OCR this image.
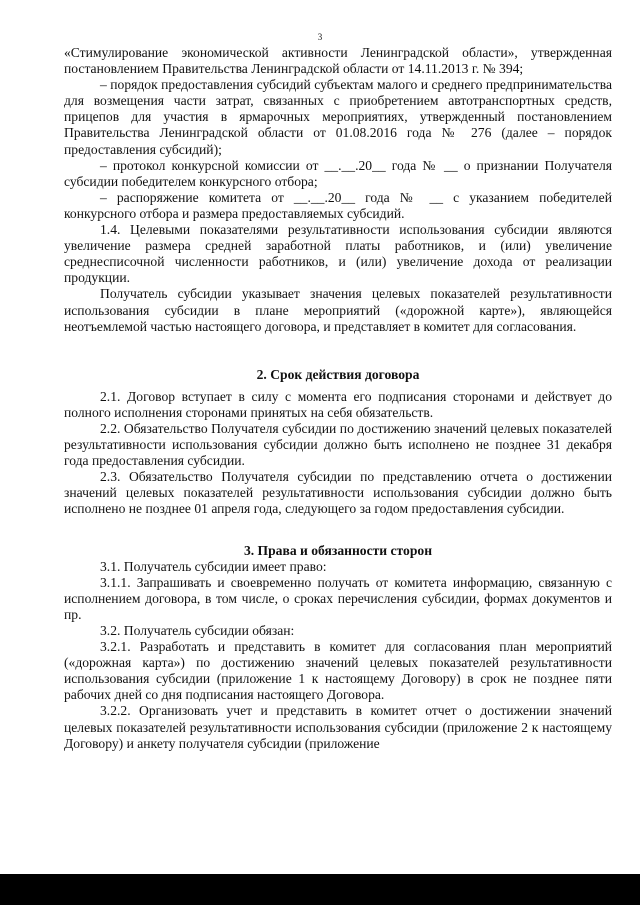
3

«Стимулирование экономической активности Ленинградской области», утвержденная постановлением Правительства Ленинградской области от 14.11.2013 г. № 394;

– порядок предоставления субсидий субъектам малого и среднего предпринимательства для возмещения части затрат, связанных с приобретением автотранспортных средств, прицепов для участия в ярмарочных мероприятиях, утвержденный постановлением Правительства Ленинградской области от 01.08.2016 года № 276 (далее – порядок предоставления субсидий);

– протокол конкурсной комиссии от __.__.20__ года № __ о признании Получателя субсидии победителем конкурсного отбора;

– распоряжение комитета от __.__.20__ года № __ с указанием победителей конкурсного отбора и размера предоставляемых субсидий.

1.4. Целевыми показателями результативности использования субсидии являются увеличение размера средней заработной платы работников, и (или) увеличение среднесписочной численности работников, и (или) увеличение дохода от реализации продукции.

Получатель субсидии указывает значения целевых показателей результативности использования субсидии в плане мероприятий («дорожной карте»), являющейся неотъемлемой частью настоящего договора, и представляет в комитет для согласования.

2. Срок действия договора

2.1. Договор вступает в силу с момента его подписания сторонами и действует до полного исполнения сторонами принятых на себя обязательств.

2.2. Обязательство Получателя субсидии по достижению значений целевых показателей результативности использования субсидии должно быть исполнено не позднее 31 декабря года предоставления субсидии.

2.3. Обязательство Получателя субсидии по представлению отчета о достижении значений целевых показателей результативности использования субсидии должно быть исполнено не позднее 01 апреля года, следующего за годом предоставления субсидии.

3. Права и обязанности сторон

3.1. Получатель субсидии имеет право:

3.1.1. Запрашивать и своевременно получать от комитета информацию, связанную с исполнением договора, в том числе, о сроках перечисления субсидии, формах документов и пр.

3.2. Получатель субсидии обязан:

3.2.1. Разработать и представить в комитет для согласования план мероприятий («дорожная карта») по достижению значений целевых показателей результативности использования субсидии (приложение 1 к настоящему Договору) в срок не позднее пяти рабочих дней со дня подписания настоящего Договора.

3.2.2. Организовать учет и представить в комитет отчет о достижении значений целевых показателей результативности использования субсидии (приложение 2 к настоящему Договору) и анкету получателя субсидии (приложение
